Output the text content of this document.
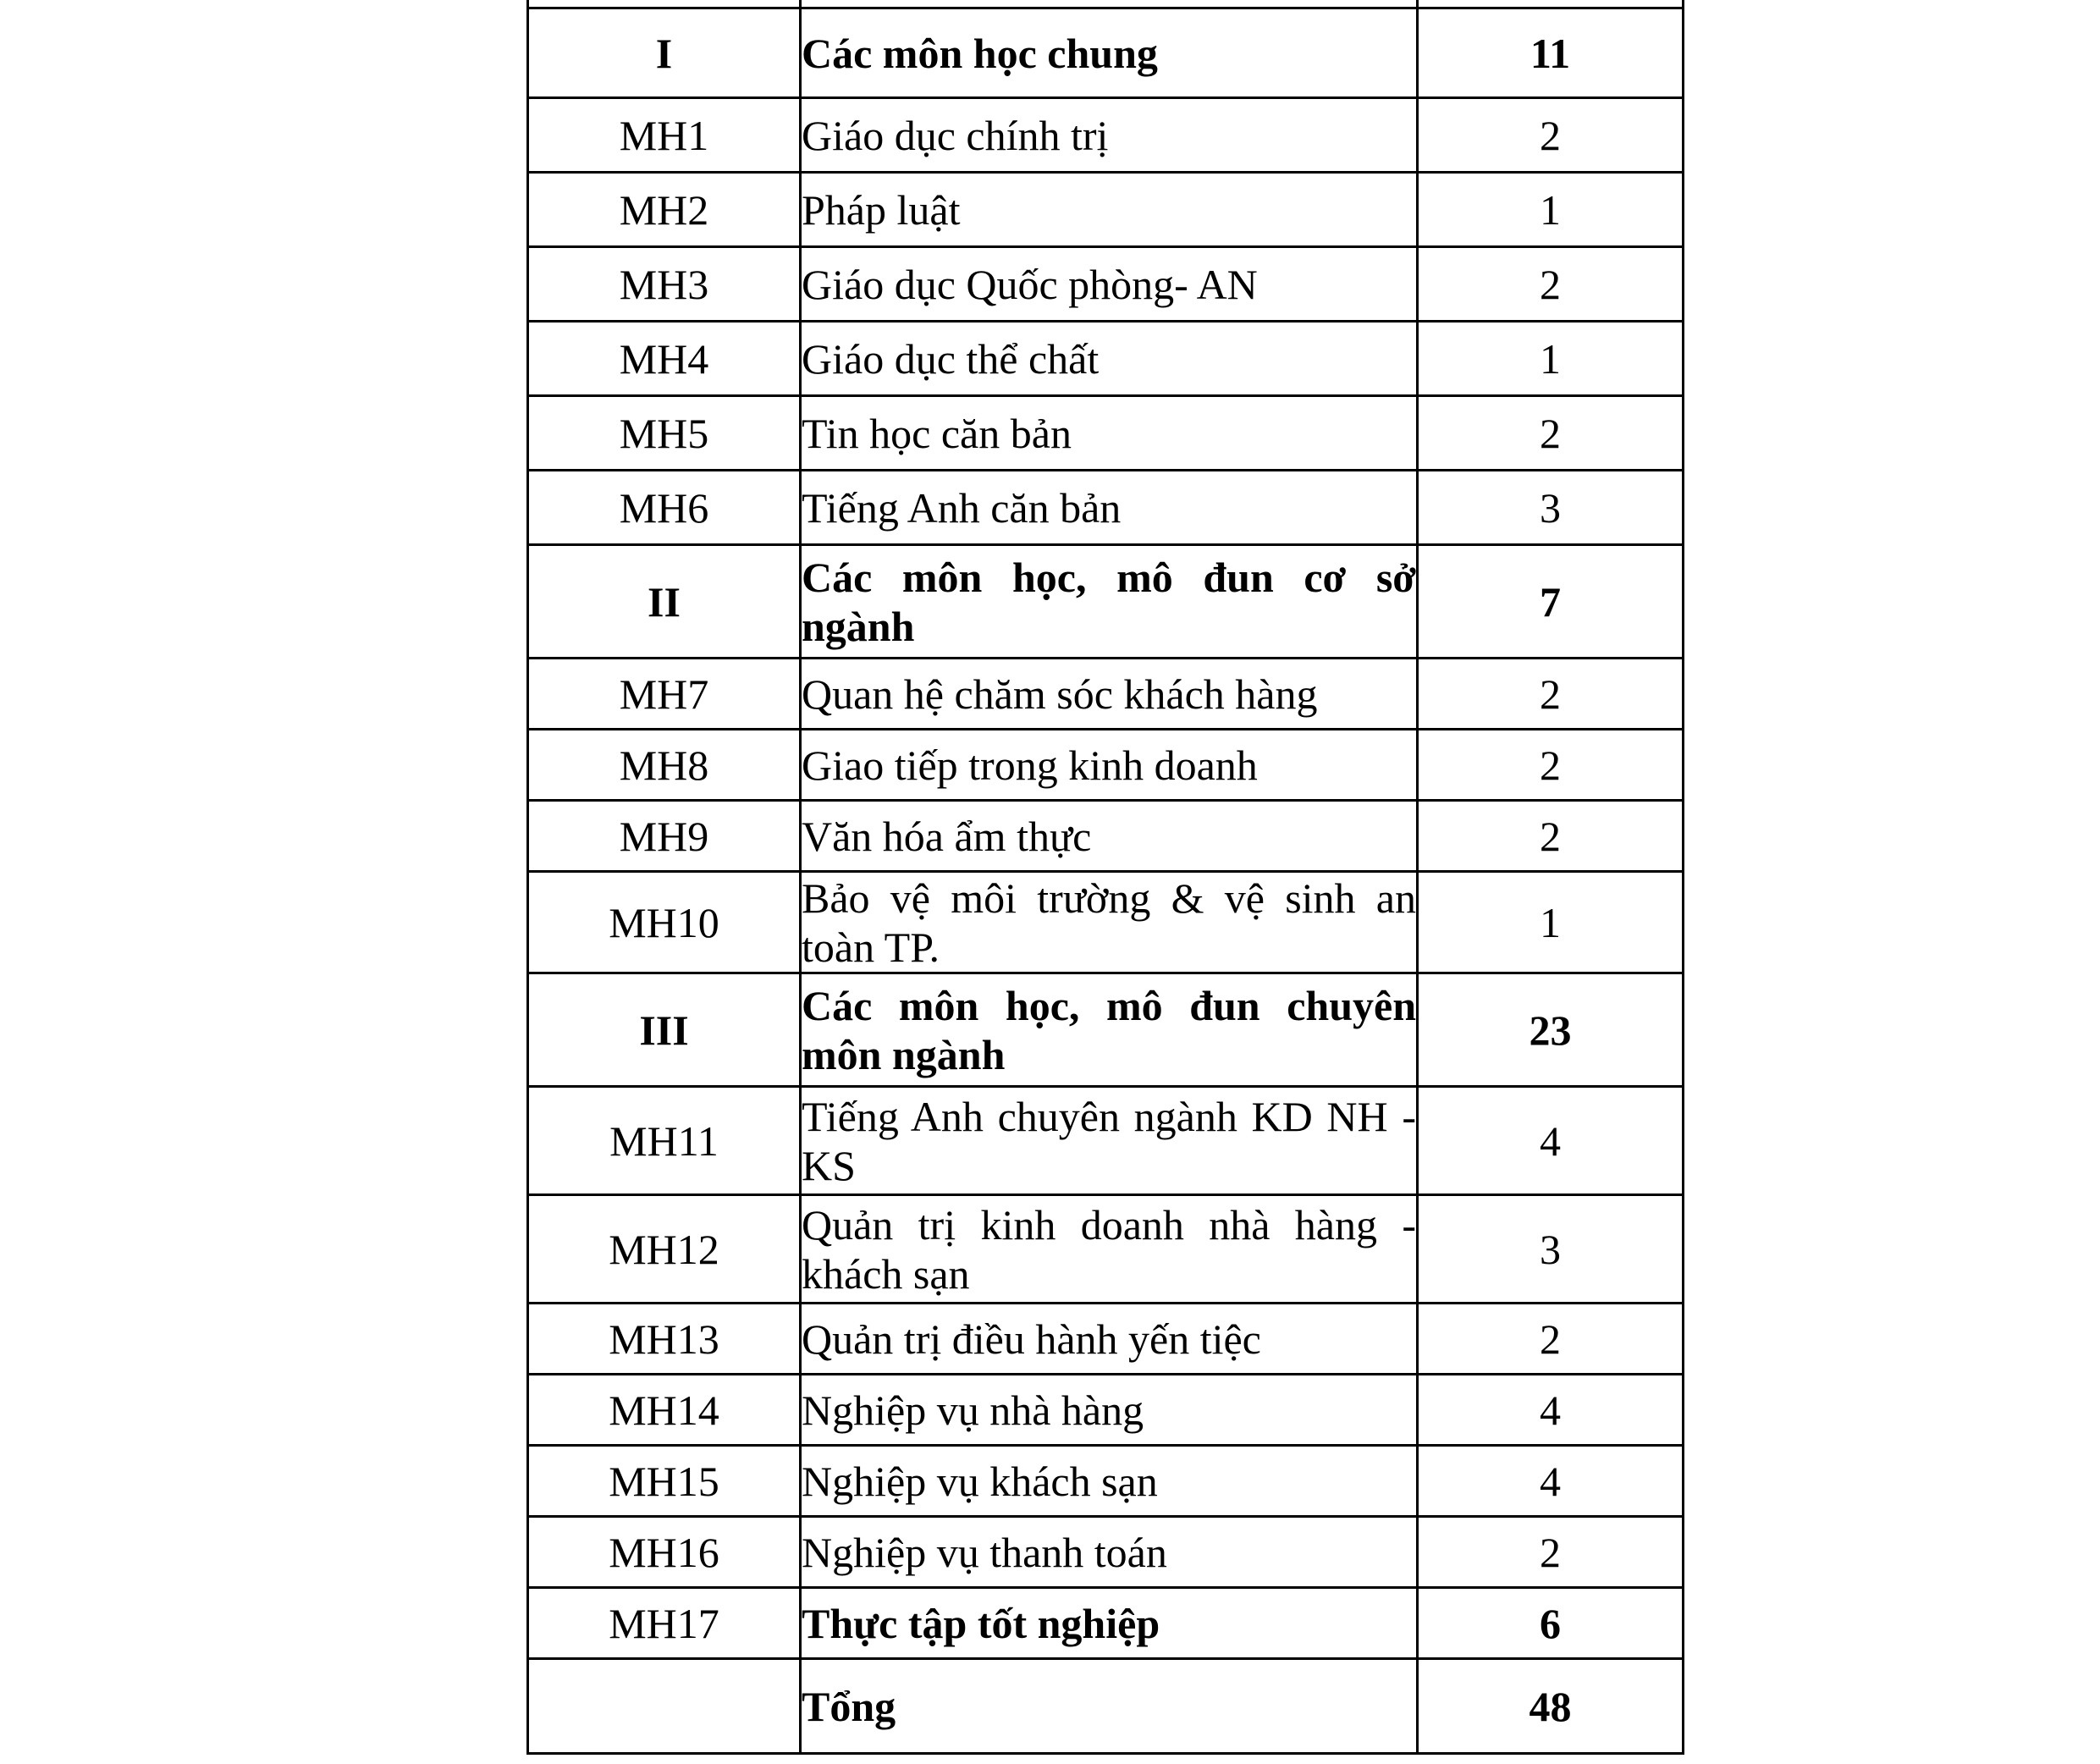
I	Các môn học chung	11
MH1	Giáo dục chính trị	2
MH2	Pháp luật	1
MH3	Giáo dục Quốc phòng- AN	2
MH4	Giáo dục thể chất	1
MH5	Tin học căn bản	2
MH6	Tiếng Anh căn bản	3
II	Các môn học, mô đun cơ sở ngành	7
MH7	Quan hệ chăm sóc khách hàng	2
MH8	Giao tiếp trong kinh doanh	2
MH9	Văn hóa ẩm thực	2
MH10	Bảo vệ môi trường & vệ sinh an toàn TP.	1
III	Các môn học, mô đun chuyên môn ngành	23
MH11	Tiếng Anh chuyên ngành KD NH - KS	4
MH12	Quản trị kinh doanh nhà hàng - khách sạn	3
MH13	Quản trị điều hành yến tiệc	2
MH14	Nghiệp vụ nhà hàng	4
MH15	Nghiệp vụ khách sạn	4
MH16	Nghiệp vụ thanh toán	2
MH17	Thực tập tốt nghiệp	6
	Tổng	48
